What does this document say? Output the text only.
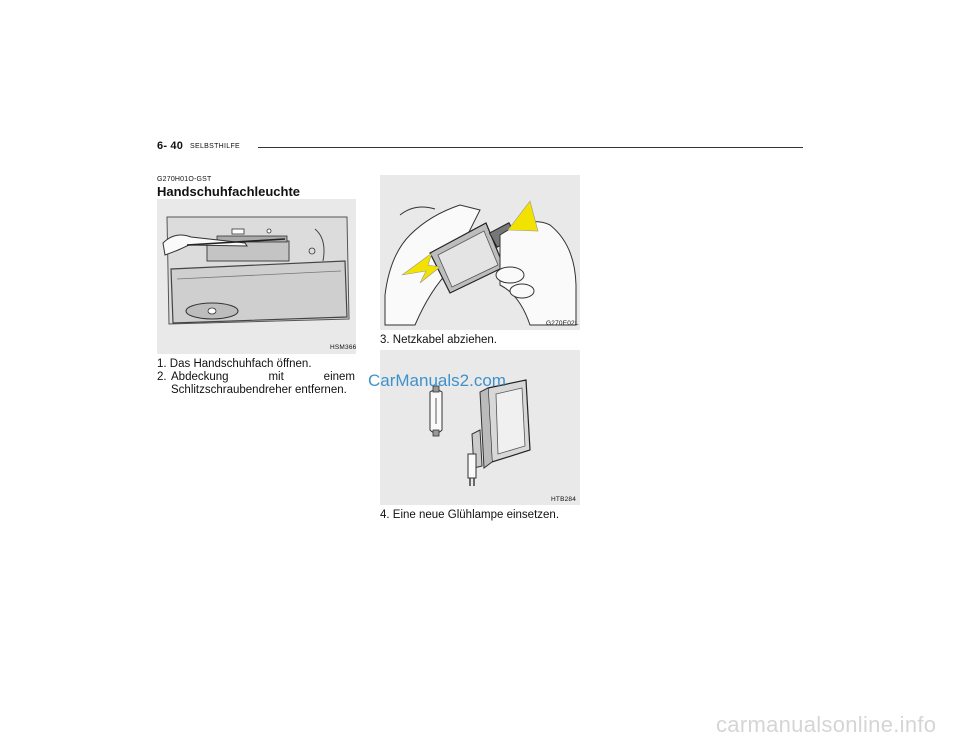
6- 40 SELBSTHILFE
G270H01O-GST
Handschuhfachleuchte
HSM366
1. Das Handschuhfach öffnen.
2. Abdeckung mit einem Schlitzschraubendreher entfernen.
G270E02L
3. Netzkabel abziehen.
HTB284
4. Eine neue Glühlampe einsetzen.
CarManuals2.com
carmanualsonline.info
